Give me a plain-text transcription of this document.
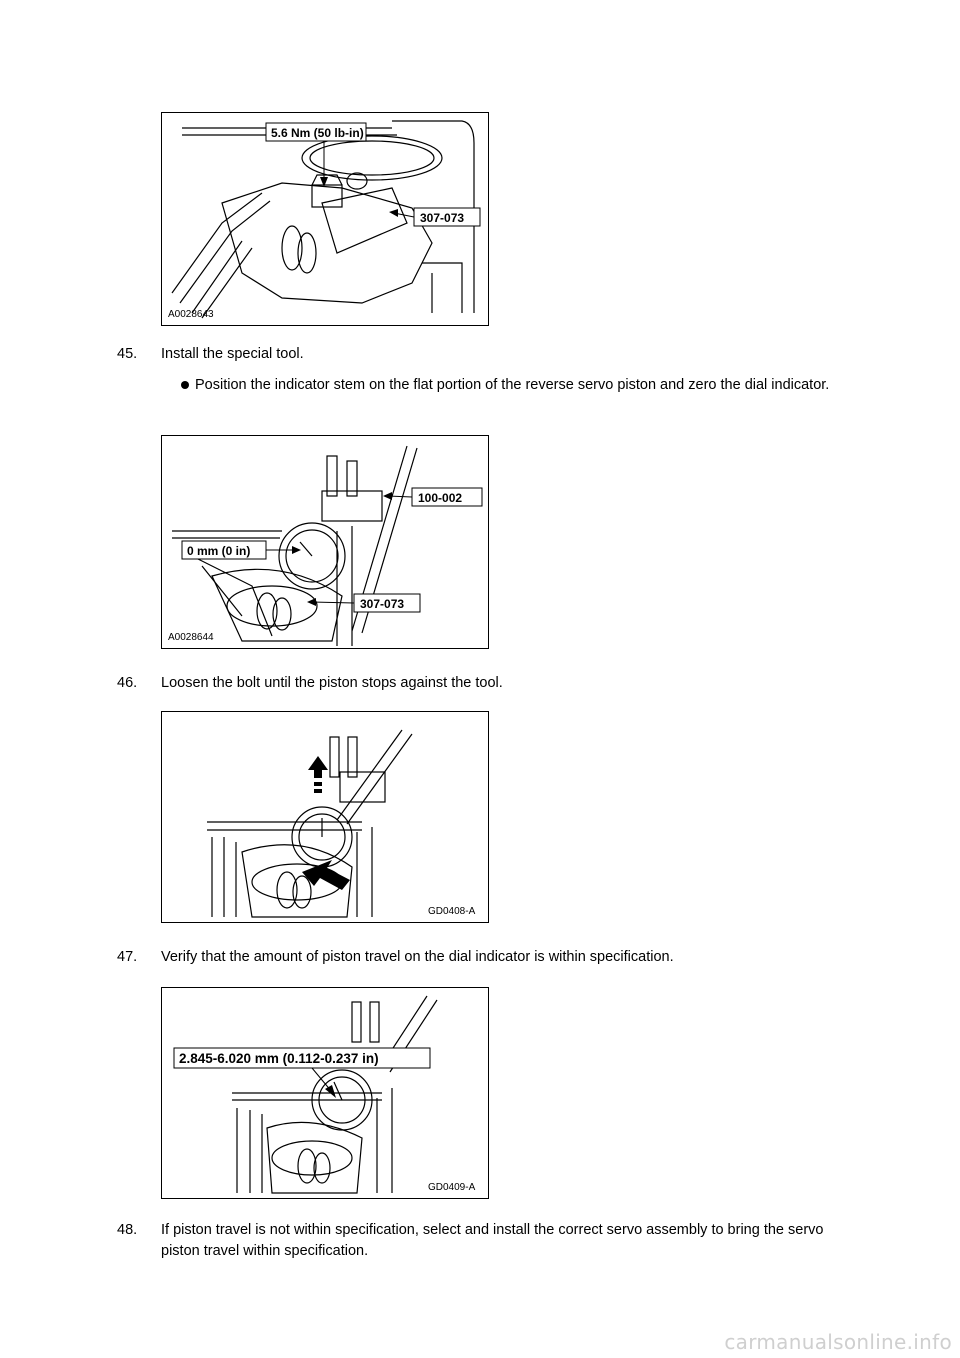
5.6 Nm (50 lb-in)
307-073
A0028643
45.	Install the special tool.
Position the indicator stem on the flat portion of the reverse servo piston and zero the dial indicator.
100-002
0 mm (0 in)
307-073
A0028644
46.	Loosen the bolt until the piston stops against the tool.
GD0408-A
47.	Verify that the amount of piston travel on the dial indicator is within specification.
2.845-6.020 mm (0.112-0.237 in)
GD0409-A
48.	If piston travel is not within specification, select and install the correct servo assembly to bring the servo piston travel within specification.
carmanualsonline.info
